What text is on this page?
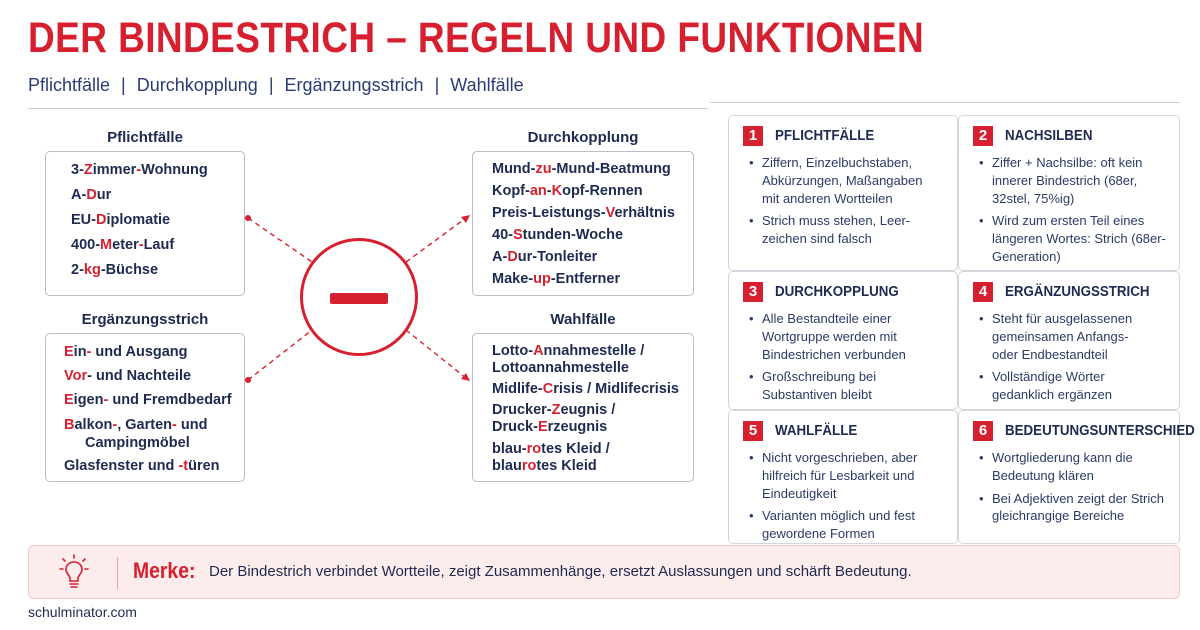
DER BINDESTRICH – REGELN UND FUNKTIONEN
Pflichtfälle | Durchkopplung | Ergänzungsstrich | Wahlfälle
Pflichtfälle
3-Zimmer-Wohnung
A-Dur
EU-Diplomatie
400-Meter-Lauf
2-kg-Büchse
Ergänzungsstrich
Ein- und Ausgang
Vor- und Nachteile
Eigen- und Fremdbedarf
Balkon-, Garten- und
Campingmöbel
Glasfenster und -türen
Durchkopplung
Mund-zu-Mund-Beatmung
Kopf-an-Kopf-Rennen
Preis-Leistungs-Verhältnis
40-Stunden-Woche
A-Dur-Tonleiter
Make-up-Entferner
Wahlfälle
Lotto-Annahmestelle /
Lottoannahmestelle
Midlife-Crisis / Midlifecrisis
Drucker-Zeugnis /
Druck-Erzeugnis
blau-rotes Kleid /
blaurotes Kleid
1	PFLICHTFÄLLE
• Ziffern, Einzelbuchstaben, Abkürzungen, Maßangaben mit anderen Wortteilen
• Strich muss stehen, Leer-zeichen sind falsch
2	NACHSILBEN
• Ziffer + Nachsilbe: oft kein innerer Bindestrich (68er, 32stel, 75%ig)
• Wird zum ersten Teil eines längeren Wortes: Strich (68er-Generation)
3	DURCHKOPPLUNG
• Alle Bestandteile einer Wortgruppe werden mit Bindestrichen verbunden
• Großschreibung bei Substantiven bleibt
4	ERGÄNZUNGSSTRICH
• Steht für ausgelassenen gemeinsamen Anfangs- oder Endbestandteil
• Vollständige Wörter gedanklich ergänzen
5	WAHLFÄLLE
• Nicht vorgeschrieben, aber hilfreich für Lesbarkeit und Eindeutigkeit
• Varianten möglich und fest gewordene Formen
6	BEDEUTUNGSUNTERSCHIED
• Wortgliederung kann die Bedeutung klären
• Bei Adjektiven zeigt der Strich gleichrangige Bereiche
Merke: Der Bindestrich verbindet Wortteile, zeigt Zusammenhänge, ersetzt Auslassungen und schärft Bedeutung.
schulminator.com
